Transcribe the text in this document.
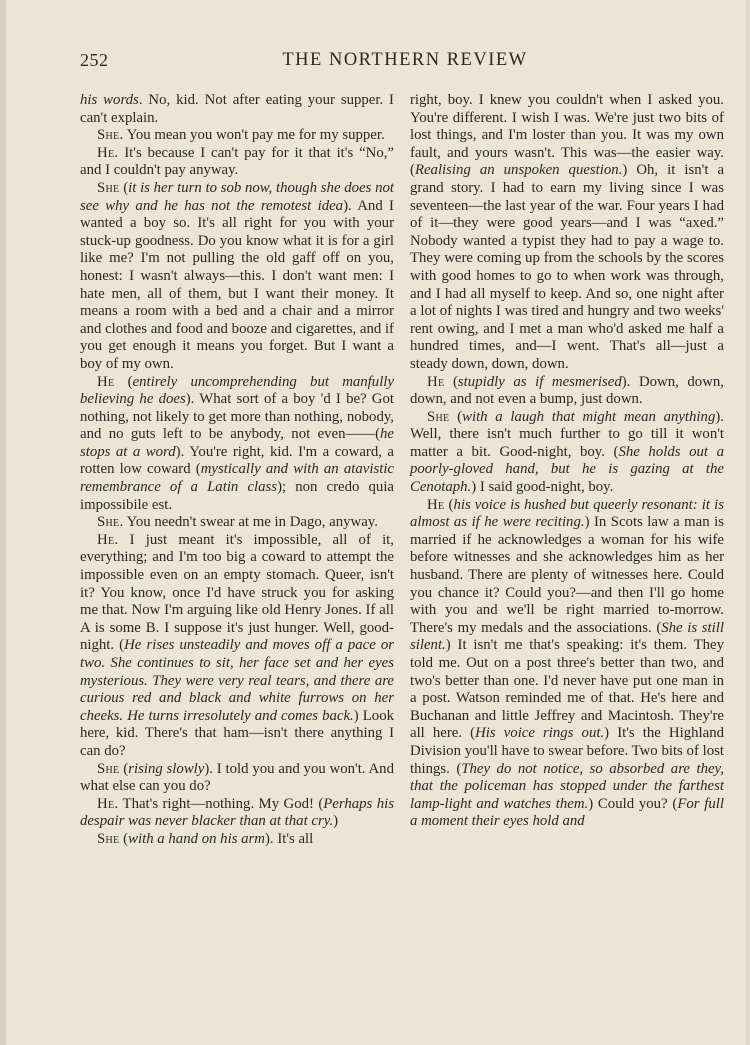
252	THE NORTHERN REVIEW

his words. No, kid. Not after eating your supper. I can't explain.

She. You mean you won't pay me for my supper.

He. It's because I can't pay for it that it's “No,” and I couldn't pay anyway.

She (it is her turn to sob now, though she does not see why and he has not the remotest idea). And I wanted a boy so. It's all right for you with your stuck-up goodness. Do you know what it is for a girl like me? I'm not pulling the old gaff off on you, honest: I wasn't always—this. I don't want men: I hate men, all of them, but I want their money. It means a room with a bed and a chair and a mirror and clothes and food and booze and cigarettes, and if you get enough it means you forget. But I want a boy of my own.

He (entirely uncomprehending but manfully believing he does). What sort of a boy 'd I be? Got nothing, not likely to get more than nothing, nobody, and no guts left to be anybody, not even——(he stops at a word). You're right, kid. I'm a coward, a rotten low coward (mystically and with an atavistic remembrance of a Latin class); non credo quia impossibile est.

She. You needn't swear at me in Dago, anyway.

He. I just meant it's impossible, all of it, everything; and I'm too big a coward to attempt the impossible even on an empty stomach. Queer, isn't it? You know, once I'd have struck you for asking me that. Now I'm arguing like old Henry Jones. If all A is some B. I suppose it's just hunger. Well, good-night. (He rises unsteadily and moves off a pace or two. She continues to sit, her face set and her eyes mysterious. They were very real tears, and there are curious red and black and white furrows on her cheeks. He turns irresolutely and comes back.) Look here, kid. There's that ham—isn't there anything I can do?

She (rising slowly). I told you and you won't. And what else can you do?

He. That's right—nothing. My God! (Perhaps his despair was never blacker than at that cry.)

She (with a hand on his arm). It's all

right, boy. I knew you couldn't when I asked you. You're different. I wish I was. We're just two bits of lost things, and I'm loster than you. It was my own fault, and yours wasn't. This was—the easier way. (Realising an unspoken question.) Oh, it isn't a grand story. I had to earn my living since I was seventeen—the last year of the war. Four years I had of it—they were good years—and I was “axed.” Nobody wanted a typist they had to pay a wage to. They were coming up from the schools by the scores with good homes to go to when work was through, and I had all myself to keep. And so, one night after a lot of nights I was tired and hungry and two weeks' rent owing, and I met a man who'd asked me half a hundred times, and—I went. That's all—just a steady down, down, down.

He (stupidly as if mesmerised). Down, down, down, and not even a bump, just down.

She (with a laugh that might mean anything). Well, there isn't much further to go till it won't matter a bit. Good-night, boy. (She holds out a poorly-gloved hand, but he is gazing at the Cenotaph.) I said good-night, boy.

He (his voice is hushed but queerly resonant: it is almost as if he were reciting.) In Scots law a man is married if he acknowledges a woman for his wife before witnesses and she acknowledges him as her husband. There are plenty of witnesses here. Could you chance it? Could you?—and then I'll go home with you and we'll be right married to-morrow. There's my medals and the associations. (She is still silent.) It isn't me that's speaking: it's them. They told me. Out on a post three's better than two, and two's better than one. I'd never have put one man in a post. Watson reminded me of that. He's here and Buchanan and little Jeffrey and Macintosh. They're all here. (His voice rings out.) It's the Highland Division you'll have to swear before. Two bits of lost things. (They do not notice, so absorbed are they, that the policeman has stopped under the farthest lamp-light and watches them.) Could you? (For full a moment their eyes hold and
